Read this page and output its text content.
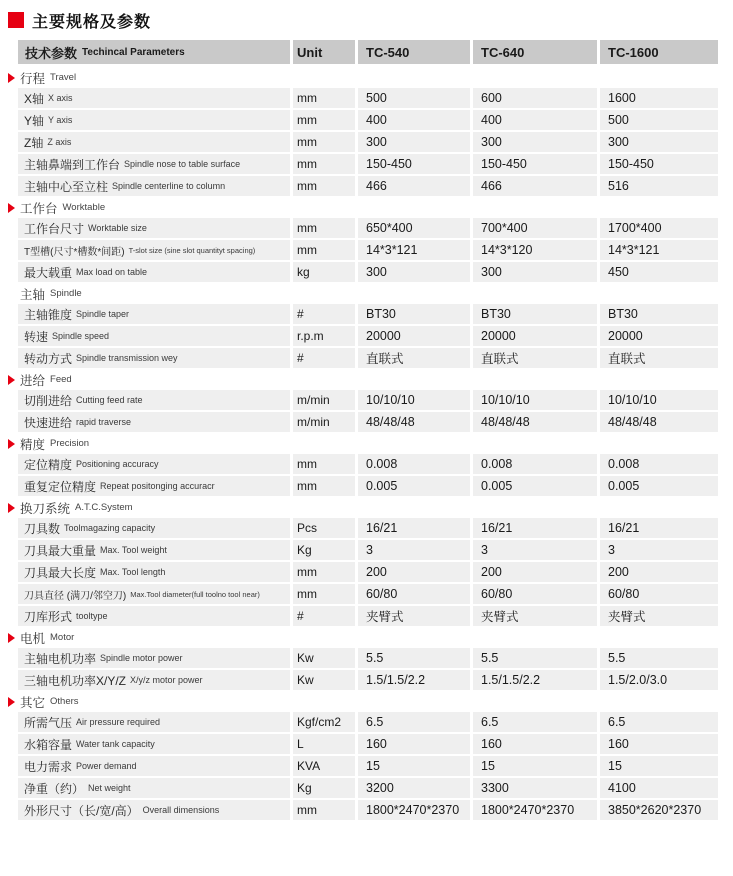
主要规格及参数
技术参数 Techincal Parameters	Unit	TC-540	TC-640	TC-1600
行程 Travel
X轴 X axis	mm	500	600	1600
Y轴 Y axis	mm	400	400	500
Z轴 Z axis	mm	300	300	300
主轴鼻端到工作台 Spindle nose to table surface	mm	150-450	150-450	150-450
主轴中心至立柱 Spindle centerline to column	mm	466	466	516
工作台 Worktable
工作台尺寸 Worktable size	mm	650*400	700*400	1700*400
T型槽(尺寸*槽数*间距) T-slot size (sine slot quantityt spacing)	mm	14*3*121	14*3*120	14*3*121
最大载重 Max load on table	kg	300	300	450
主轴 Spindle
主轴锥度 Spindle taper	#	BT30	BT30	BT30
转速 Spindle speed	r.p.m	20000	20000	20000
转动方式 Spindle transmission wey	#	直联式	直联式	直联式
进给 Feed
切削进给 Cutting feed rate	m/min	10/10/10	10/10/10	10/10/10
快速进给 rapid traverse	m/min	48/48/48	48/48/48	48/48/48
精度 Precision
定位精度 Positioning accuracy	mm	0.008	0.008	0.008
重复定位精度 Repeat positonging accuracr	mm	0.005	0.005	0.005
换刀系统 A.T.C.System
刀具数 Toolmagazing capacity	Pcs	16/21	16/21	16/21
刀具最大重量 Max. Tool weight	Kg	3	3	3
刀具最大长度 Max. Tool length	mm	200	200	200
刀具直径 (满刀/邻空刀) Max.Tool diameter(full toolno tool near)	mm	60/80	60/80	60/80
刀库形式 tooltype	#	夹臂式	夹臂式	夹臂式
电机 Motor
主轴电机功率 Spindle motor power	Kw	5.5	5.5	5.5
三轴电机功率X/Y/Z X/y/z motor power	Kw	1.5/1.5/2.2	1.5/1.5/2.2	1.5/2.0/3.0
其它 Others
所需气压 Air pressure required	Kgf/cm2	6.5	6.5	6.5
水箱容量 Water tank capacity	L	160	160	160
电力需求 Power demand	KVA	15	15	15
净重（约） Net weight	Kg	3200	3300	4100
外形尺寸（长/宽/高） Overall dimensions	mm	1800*2470*2370	1800*2470*2370	3850*2620*2370
